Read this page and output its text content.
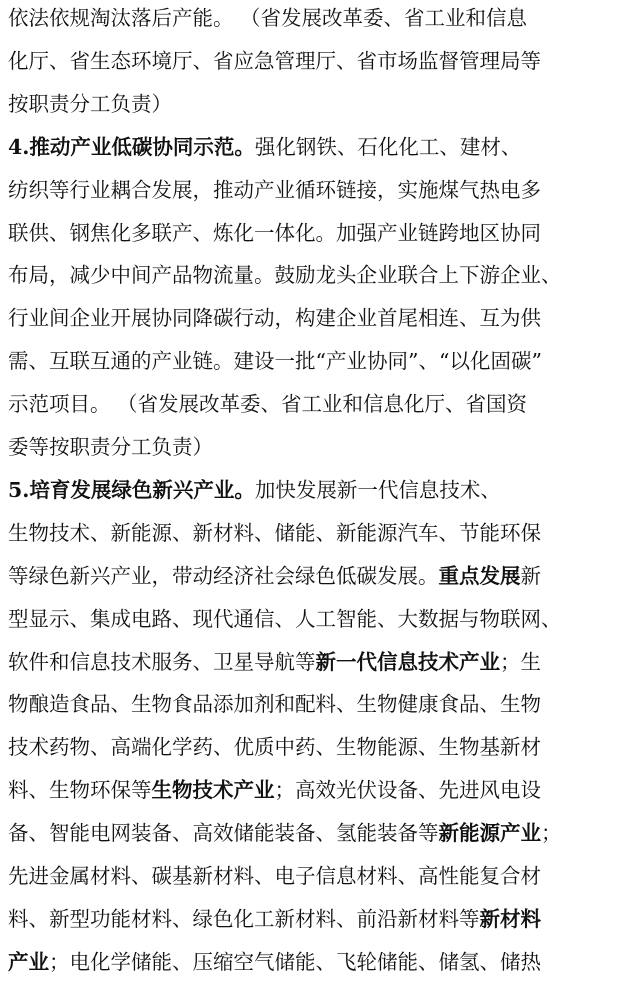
依法依规淘汰落后产能。 （省发展改革委、省工业和信息
化厅、省生态环境厅、省应急管理厅、省市场监督管理局等
按职责分工负责）
4.推动产业低碳协同示范。强化钢铁、石化化工、建材、
纺织等行业耦合发展，推动产业循环链接，实施煤气热电多
联供、钢焦化多联产、炼化一体化。加强产业链跨地区协同
布局，减少中间产品物流量。鼓励龙头企业联合上下游企业、
行业间企业开展协同降碳行动，构建企业首尾相连、互为供
需、互联互通的产业链。建设一批“产业协同”、“以化固碳”
示范项目。 （省发展改革委、省工业和信息化厅、省国资
委等按职责分工负责）
5.培育发展绿色新兴产业。加快发展新一代信息技术、
生物技术、新能源、新材料、储能、新能源汽车、节能环保
等绿色新兴产业，带动经济社会绿色低碳发展。重点发展新
型显示、集成电路、现代通信、人工智能、大数据与物联网、
软件和信息技术服务、卫星导航等新一代信息技术产业；生
物酿造食品、生物食品添加剂和配料、生物健康食品、生物
技术药物、高端化学药、优质中药、生物能源、生物基新材
料、生物环保等生物技术产业；高效光伏设备、先进风电设
备、智能电网装备、高效储能装备、氢能装备等新能源产业；
先进金属材料、碳基新材料、电子信息材料、高性能复合材
料、新型功能材料、绿色化工新材料、前沿新材料等新材料
产业；电化学储能、压缩空气储能、飞轮储能、储氢、储热
